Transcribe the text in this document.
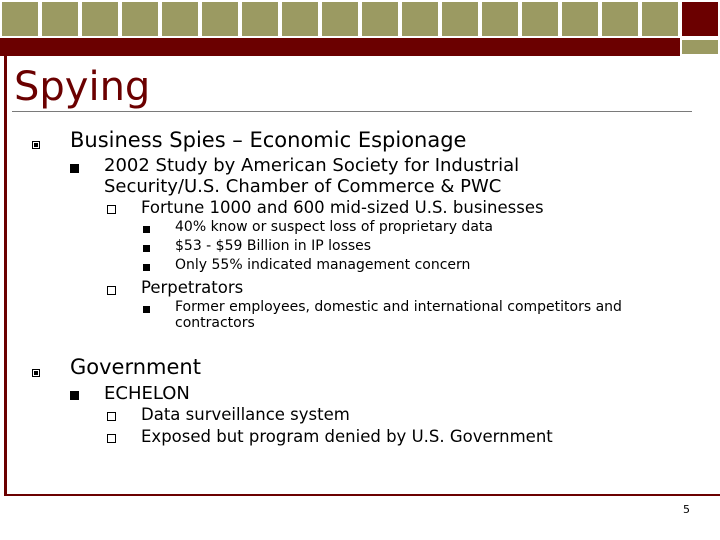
Spying
Business Spies – Economic Espionage
2002 Study by American Society for Industrial
Security/U.S. Chamber of Commerce & PWC
Fortune 1000 and 600 mid-sized U.S. businesses
40% know or suspect loss of proprietary data
$53 - $59 Billion in IP losses
Only 55% indicated management concern
Perpetrators
Former employees, domestic and international competitors and
contractors
Government
ECHELON
Data surveillance system
Exposed but program denied by U.S. Government
5
